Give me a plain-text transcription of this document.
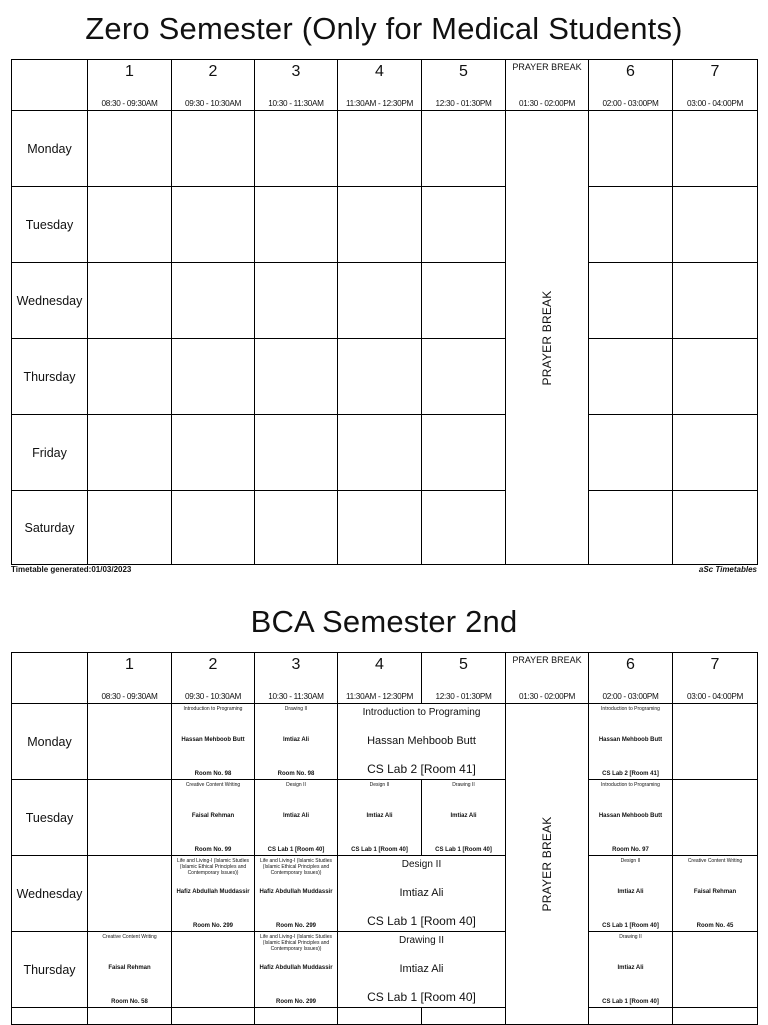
Zero Semester (Only for Medical Students)
1
08:30 - 09:30AM
2
09:30 - 10:30AM
3
10:30 - 11:30AM
4
11:30AM - 12:30PM
5
12:30 - 01:30PM
PRAYER BREAK
01:30 - 02:00PM
6
02:00 - 03:00PM
7
03:00 - 04:00PM
Monday
Tuesday
Wednesday
Thursday
Friday
Saturday
PRAYER BREAK
Timetable generated:01/03/2023	aSc Timetables
BCA Semester 2nd
1
08:30 - 09:30AM
2
09:30 - 10:30AM
3
10:30 - 11:30AM
4
11:30AM - 12:30PM
5
12:30 - 01:30PM
PRAYER BREAK
01:30 - 02:00PM
6
02:00 - 03:00PM
7
03:00 - 04:00PM
Monday
Introduction to Programing
Hassan Mehboob Butt
Room No. 98
Drawing II
Imtiaz Ali
Room No. 98
Introduction to Programing
Hassan Mehboob Butt
CS Lab 2 [Room 41]
Introduction to Programing
Hassan Mehboob Butt
CS Lab 2 [Room 41]
Tuesday
Creative Content Writing
Faisal Rehman
Room No. 99
Design II
Imtiaz Ali
CS Lab 1 [Room 40]
Design II
Imtiaz Ali
CS Lab 1 [Room 40]
Drawing II
Imtiaz Ali
CS Lab 1 [Room 40]
Introduction to Programing
Hassan Mehboob Butt
Room No. 97
Wednesday
Life and Living-I (Islamic Studies (Islamic Ethical Principles and Contemporary Issues))
Hafiz Abdullah Muddassir
Room No. 299
Life and Living-I (Islamic Studies (Islamic Ethical Principles and Contemporary Issues))
Hafiz Abdullah Muddassir
Room No. 299
Design II
Imtiaz Ali
CS Lab 1 [Room 40]
Design II
Imtiaz Ali
CS Lab 1 [Room 40]
Creative Content Writing
Faisal Rehman
Room No. 45
Thursday
Creative Content Writing
Faisal Rehman
Room No. 58
Life and Living-I (Islamic Studies (Islamic Ethical Principles and Contemporary Issues))
Hafiz Abdullah Muddassir
Room No. 299
Drawing II
Imtiaz Ali
CS Lab 1 [Room 40]
Drawing II
Imtiaz Ali
CS Lab 1 [Room 40]
PRAYER BREAK
